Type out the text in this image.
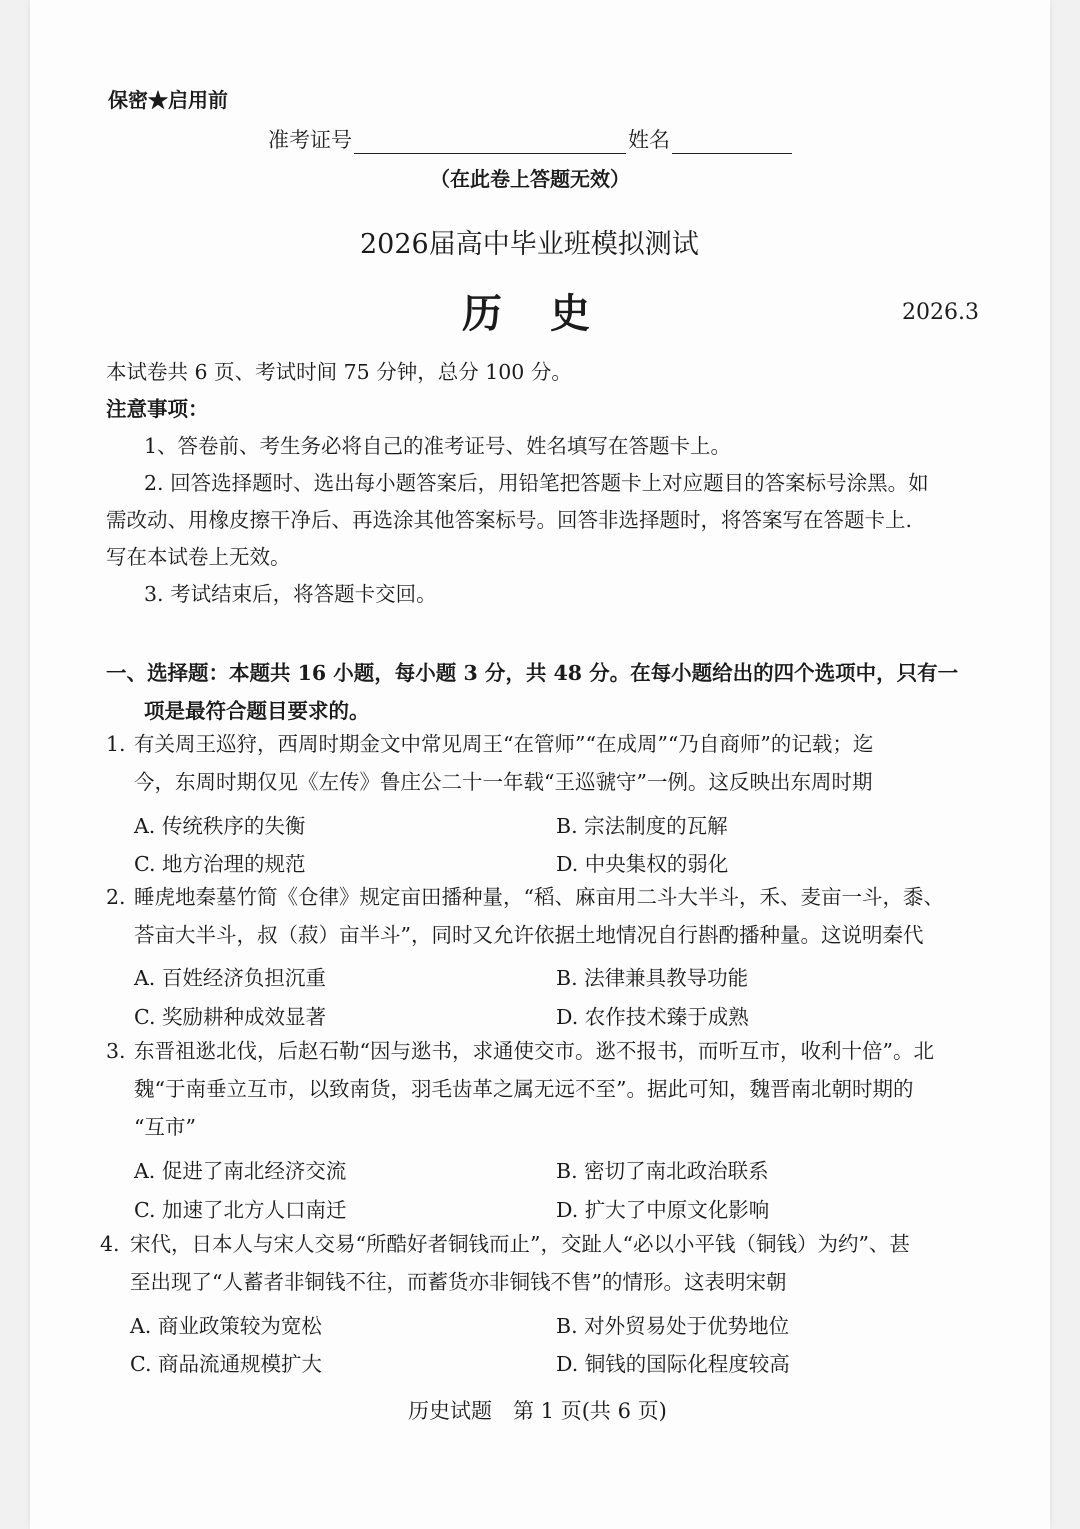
保密★启用前
准考证号	姓名
（在此卷上答题无效）
2026届高中毕业班模拟测试
历史	2026.3
本试卷共 6 页、考试时间 75 分钟，总分 100 分。
注意事项：
1、答卷前、考生务必将自己的准考证号、姓名填写在答题卡上。
2. 回答选择题时、选出每小题答案后，用铅笔把答题卡上对应题目的答案标号涂黑。如
需改动、用橡皮擦干净后、再选涂其他答案标号。回答非选择题时，将答案写在答题卡上.
写在本试卷上无效。
3. 考试结束后，将答题卡交回。
一、选择题：本题共 16 小题，每小题 3 分，共 48 分。在每小题给出的四个选项中，只有一
项是最符合题目要求的。
1. 有关周王巡狩，西周时期金文中常见周王“在管师”“在成周”“乃自商师”的记载；迄
今，东周时期仅见《左传》鲁庄公二十一年载“王巡虢守”一例。这反映出东周时期
A. 传统秩序的失衡	B. 宗法制度的瓦解
C. 地方治理的规范	D. 中央集权的弱化
2. 睡虎地秦墓竹简《仓律》规定亩田播种量，“稻、麻亩用二斗大半斗，禾、麦亩一斗，黍、
荅亩大半斗，叔（菽）亩半斗”，同时又允许依据土地情况自行斟酌播种量。这说明秦代
A. 百姓经济负担沉重	B. 法律兼具教导功能
C. 奖励耕种成效显著	D. 农作技术臻于成熟
3. 东晋祖逖北伐，后赵石勒“因与逖书，求通使交市。逖不报书，而听互市，收利十倍”。北
魏“于南垂立互市，以致南货，羽毛齿革之属无远不至”。据此可知，魏晋南北朝时期的
“互市”
A. 促进了南北经济交流	B. 密切了南北政治联系
C. 加速了北方人口南迁	D. 扩大了中原文化影响
4. 宋代，日本人与宋人交易“所酷好者铜钱而止”，交趾人“必以小平钱（铜钱）为约”、甚
至出现了“人蓄者非铜钱不往，而蓄货亦非铜钱不售”的情形。这表明宋朝
A. 商业政策较为宽松	B. 对外贸易处于优势地位
C. 商品流通规模扩大	D. 铜钱的国际化程度较高
历史试题　第 1 页(共 6 页)
